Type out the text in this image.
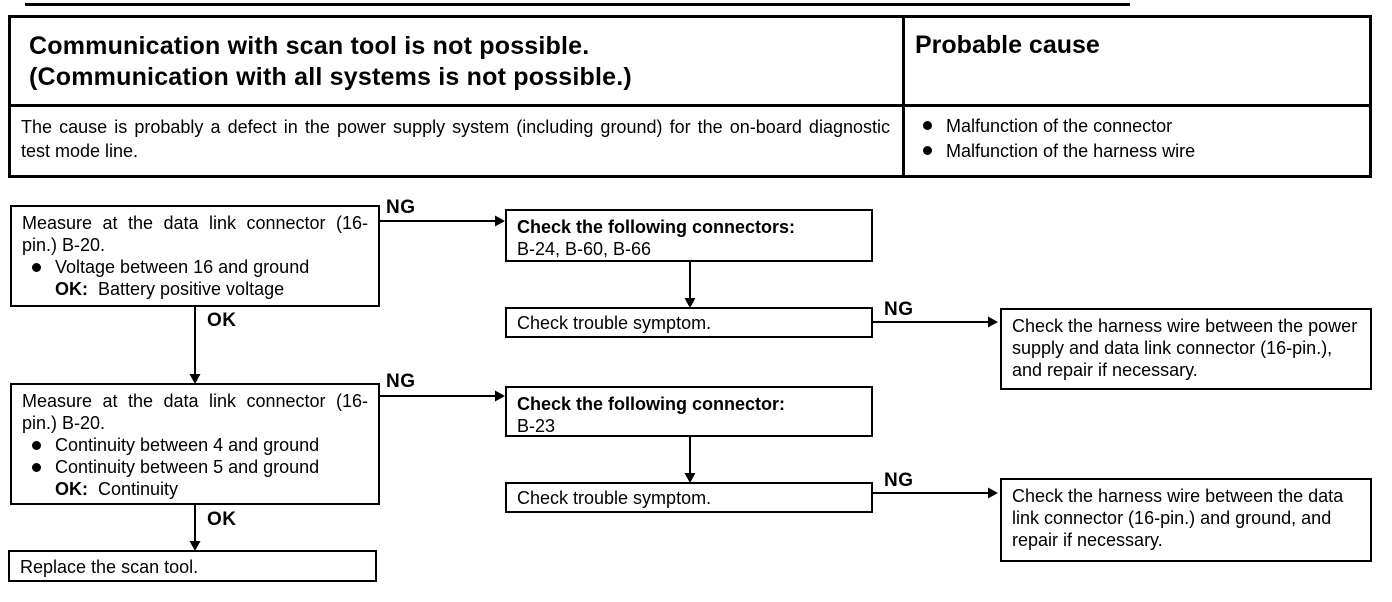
Communication with scan tool is not possible.
(Communication with all systems is not possible.)
Probable cause
The cause is probably a defect in the power supply system (including ground) for the on-board diagnostic test mode line.
Malfunction of the connector
Malfunction of the harness wire
Measure at the data link connector (16-pin.) B-20.
Voltage between 16 and ground
OK: Battery positive voltage
Check the following connectors:
B-24, B-60, B-66
Check trouble symptom.	Check the harness wire between the power supply and data link connector (16-pin.), and repair if necessary.
Measure at the data link connector (16-pin.) B-20.
Continuity between 4 and ground
Continuity between 5 and ground
OK: Continuity
Check the following connector:
B-23
Check trouble symptom.	Check the harness wire between the data link connector (16-pin.) and ground, and repair if necessary.
Replace the scan tool.
NG
OK
NG
NG
NG
OK
